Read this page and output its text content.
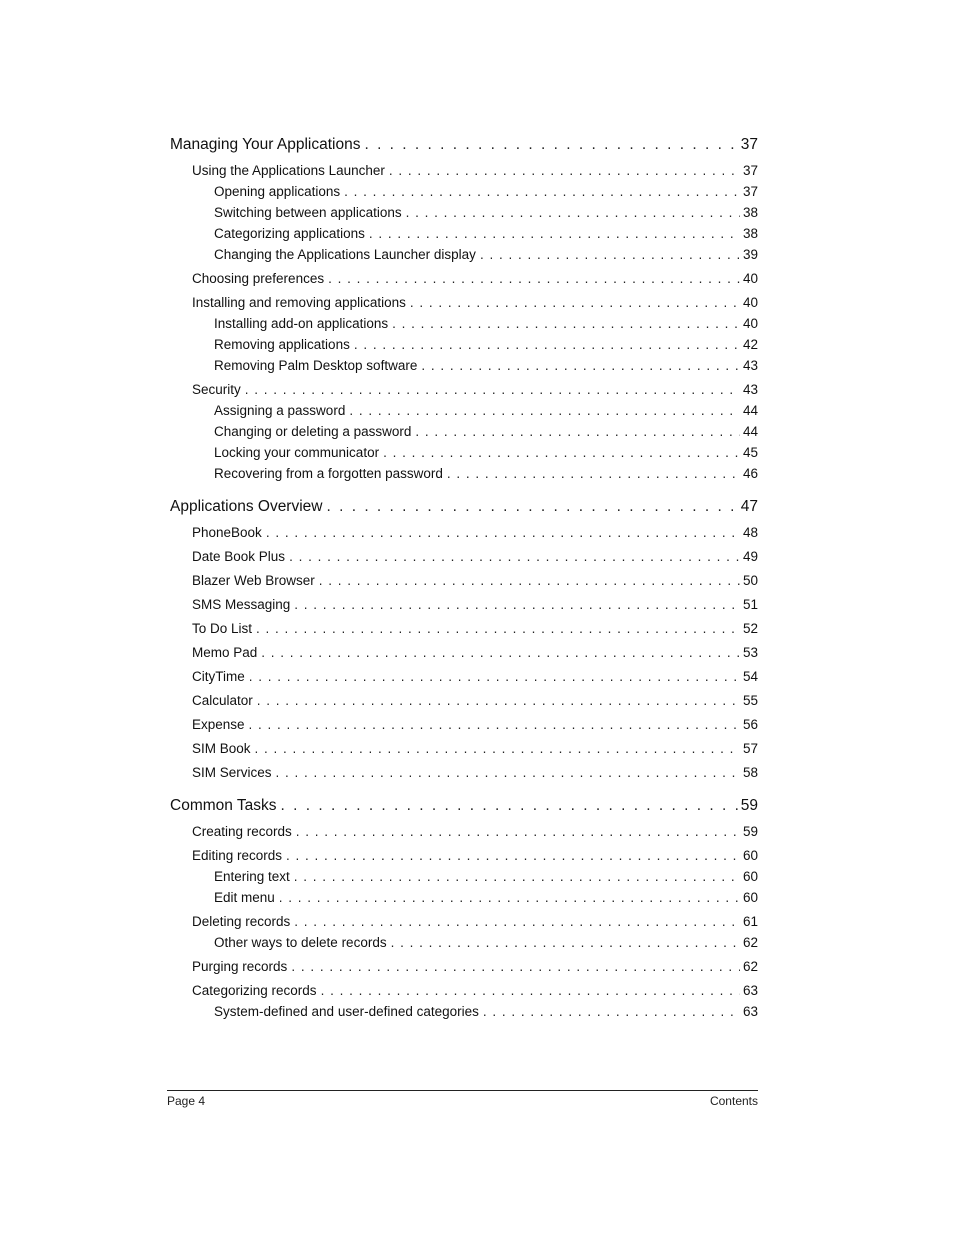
Managing Your Applications . . .	37
Using the Applications Launcher . . .	37
Opening applications . . .	37
Switching between applications . . .	38
Categorizing applications . . .	38
Changing the Applications Launcher display . . .	39
Choosing preferences . . .	40
Installing and removing applications . . .	40
Installing add-on applications . . .	40
Removing applications . . .	42
Removing Palm Desktop software . . .	43
Security . . .	43
Assigning a password . . .	44
Changing or deleting a password . . .	44
Locking your communicator . . .	45
Recovering from a forgotten password . . .	46
Applications Overview . . .	47
PhoneBook . . .	48
Date Book Plus . . .	49
Blazer Web Browser . . .	50
SMS Messaging . . .	51
To Do List . . .	52
Memo Pad . . .	53
CityTime . . .	54
Calculator . . .	55
Expense . . .	56
SIM Book . . .	57
SIM Services . . .	58
Common Tasks . . .	59
Creating records . . .	59
Editing records . . .	60
Entering text . . .	60
Edit menu . . .	60
Deleting records . . .	61
Other ways to delete records . . .	62
Purging records . . .	62
Categorizing records . . .	63
System-defined and user-defined categories . . .	63
Page 4	Contents
